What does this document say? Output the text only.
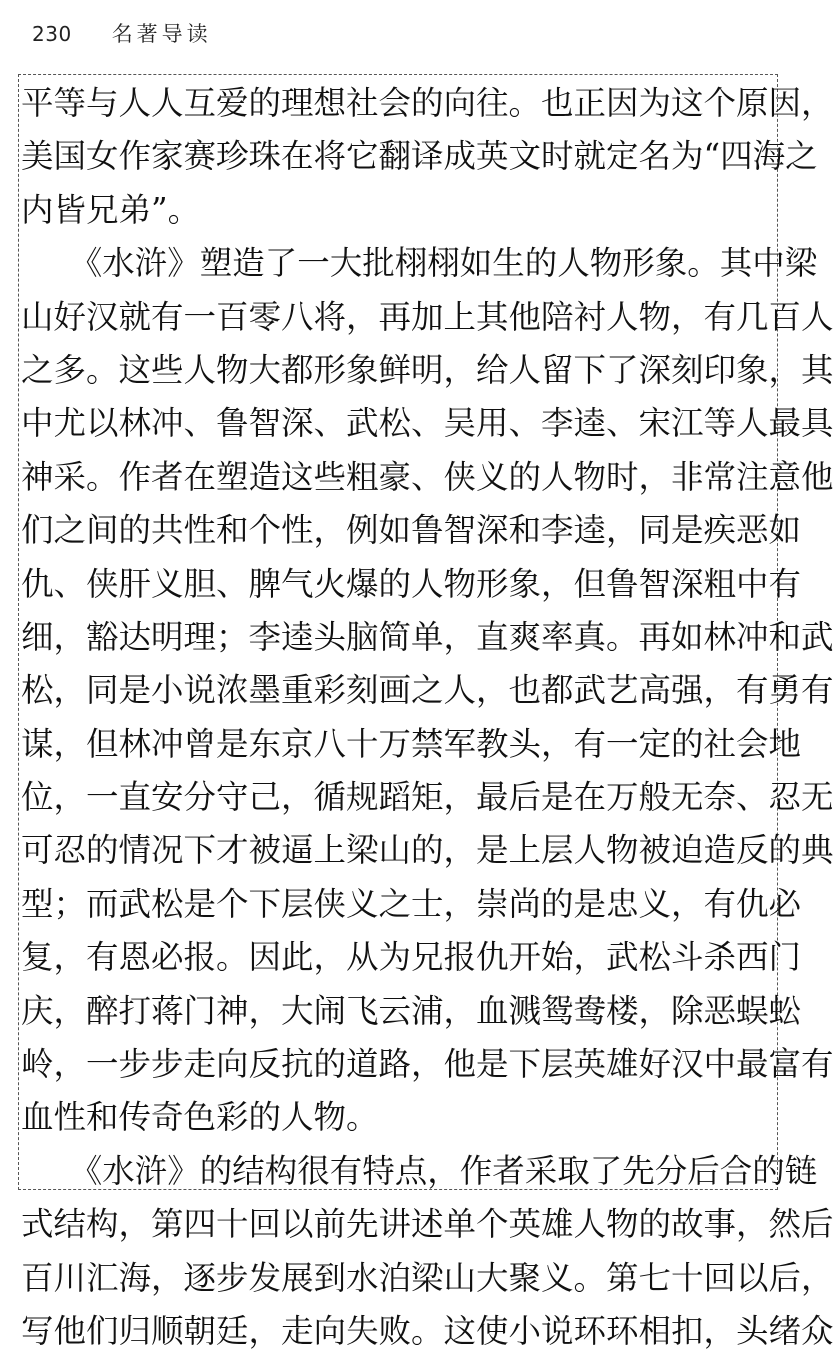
230 名著导读
平等与人人互爱的理想社会的向往。也正因为这个原因，
美国女作家赛珍珠在将它翻译成英文时就定名为“四海之
内皆兄弟”。
　　《水浒》塑造了一大批栩栩如生的人物形象。其中梁
山好汉就有一百零八将，再加上其他陪衬人物，有几百人
之多。这些人物大都形象鲜明，给人留下了深刻印象，其
中尤以林冲、鲁智深、武松、吴用、李逵、宋江等人最具
神采。作者在塑造这些粗豪、侠义的人物时，非常注意他
们之间的共性和个性，例如鲁智深和李逵，同是疾恶如
仇、侠肝义胆、脾气火爆的人物形象，但鲁智深粗中有
细，豁达明理；李逵头脑简单，直爽率真。再如林冲和武
松，同是小说浓墨重彩刻画之人，也都武艺高强，有勇有
谋，但林冲曾是东京八十万禁军教头，有一定的社会地
位，一直安分守己，循规蹈矩，最后是在万般无奈、忍无
可忍的情况下才被逼上梁山的，是上层人物被迫造反的典
型；而武松是个下层侠义之士，崇尚的是忠义，有仇必
复，有恩必报。因此，从为兄报仇开始，武松斗杀西门
庆，醉打蒋门神，大闹飞云浦，血溅鸳鸯楼，除恶蜈蚣
岭，一步步走向反抗的道路，他是下层英雄好汉中最富有
血性和传奇色彩的人物。
　　《水浒》的结构很有特点，作者采取了先分后合的链
式结构，第四十回以前先讲述单个英雄人物的故事，然后
百川汇海，逐步发展到水泊梁山大聚义。第七十回以后，
写他们归顺朝廷，走向失败。这使小说环环相扣，头绪众
